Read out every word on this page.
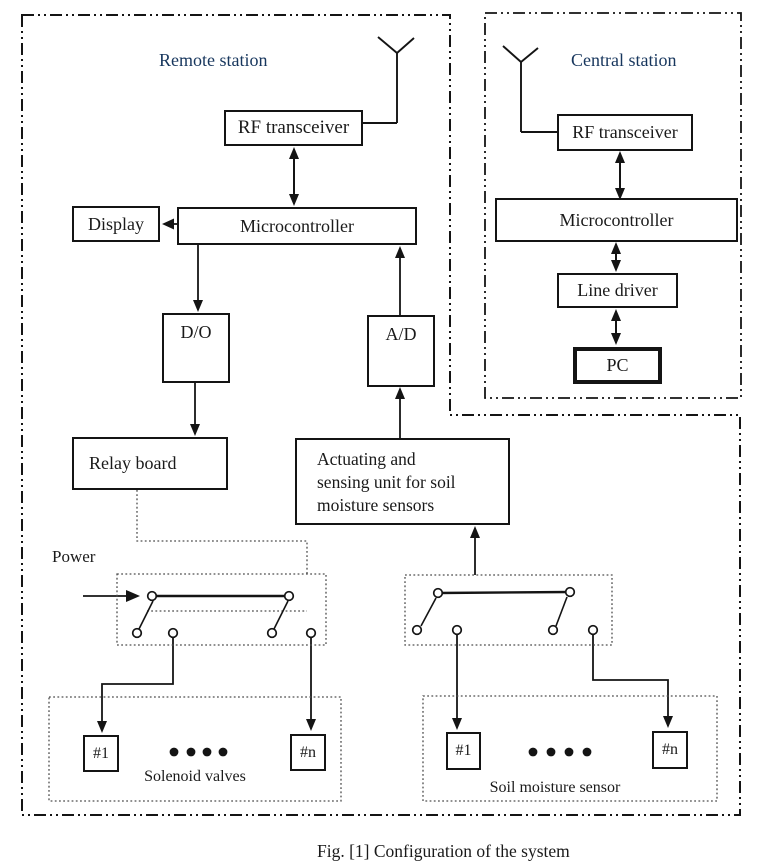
Remote station	Central station
RF transceiver
Display	Microcontroller
D/O	A/D
Relay board	Actuating and
sensing unit for soil
moisture sensors
RF transceiver
Microcontroller
Line driver
PC
Power
#1	#n
Solenoid valves
#1	#n
Soil moisture sensor
Fig. [1] Configuration of the system
